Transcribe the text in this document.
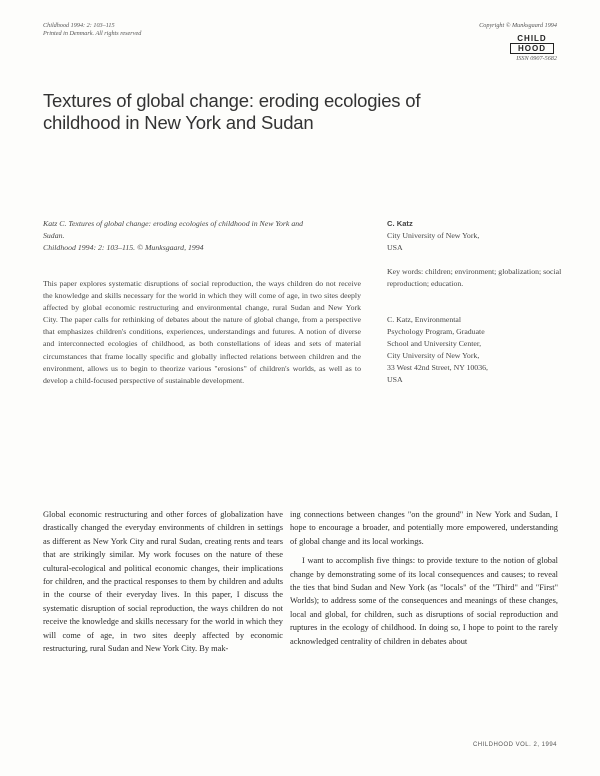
Childhood 1994: 2: 103–115
Printed in Denmark. All rights reserved
Copyright © Munksgaard 1994
CHILD
HOOD
ISSN 0907-5682
Textures of global change: eroding ecologies of childhood in New York and Sudan
Katz C. Textures of global change: eroding ecologies of childhood in New York and
Sudan.
Childhood 1994: 2: 103–115. © Munksgaard, 1994
C. Katz
City University of New York,
USA
Key words: children; environment; globalization; social reproduction; education.
C. Katz, Environmental
Psychology Program, Graduate
School and University Center,
City University of New York,
33 West 42nd Street, NY 10036,
USA
This paper explores systematic disruptions of social reproduction, the ways children do not receive the knowledge and skills necessary for the world in which they will come of age, in two sites deeply affected by global economic restructuring and environmental change, rural Sudan and New York City. The paper calls for rethinking of debates about the nature of global change, from a perspective that emphasizes children's conditions, experiences, understandings and futures. A notion of diverse and interconnected ecologies of childhood, as both constellations of ideas and sets of material circumstances that frame locally specific and globally inflected relations between children and the environment, allows us to begin to theorize various "erosions" of children's worlds, as well as to develop a child-focused perspective of sustainable development.

Global economic restructuring and other forces of globalization have drastically changed the everyday environments of children in settings as different as New York City and rural Sudan, creating rents and tears that are strikingly similar. My work focuses on the nature of these cultural-ecological and political economic changes, their implications for children, and the practical responses to them by children and adults in the course of their everyday lives. In this paper, I discuss the systematic disruption of social reproduction, the ways children do not receive the knowledge and skills necessary for the world in which they will come of age, in two sites deeply affected by economic restructuring, rural Sudan and New York City. By mak-

ing connections between changes "on the ground" in New York and Sudan, I hope to encourage a broader, and potentially more empowered, understanding of global change and its local workings.

I want to accomplish five things: to provide texture to the notion of global change by demonstrating some of its local consequences and causes; to reveal the ties that bind Sudan and New York (as "locals" of the "Third" and "First" Worlds); to address some of the consequences and meanings of these changes, local and global, for children, such as disruptions of social reproduction and ruptures in the ecology of childhood. In doing so, I hope to point to the rarely acknowledged centrality of children in debates about

CHILDHOOD VOL. 2, 1994
